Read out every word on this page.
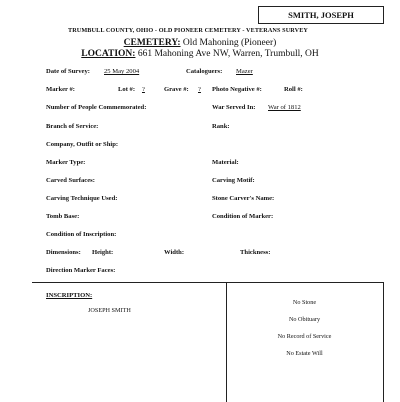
SMITH, JOSEPH
TRUMBULL COUNTY, OHIO - OLD PIONEER CEMETERY - VETERANS SURVEY
CEMETERY: Old Mahoning (Pioneer)
LOCATION: 661 Mahoning Ave NW, Warren, Trumbull, OH
Date of Survey: 25 May 2004	Cataloguers: Mazer
Marker #:	Lot #: ?	Grave #: ? Photo Negative #:	Roll #:
Number of People Commemorated:	War Served In: War of 1812
Branch of Service:	Rank:
Company, Outfit or Ship:
Marker Type:	Material:
Carved Surfaces:	Carving Motif:
Carving Technique Used:	Stone Carver's Name:
Tomb Base:	Condition of Marker:
Condition of Inscription:
Dimensions: Height:	Width:	Thickness:
Direction Marker Faces:
INSCRIPTION:
JOSEPH SMITH
No Stone
No Obituary
No Record of Service
No Estate Will
